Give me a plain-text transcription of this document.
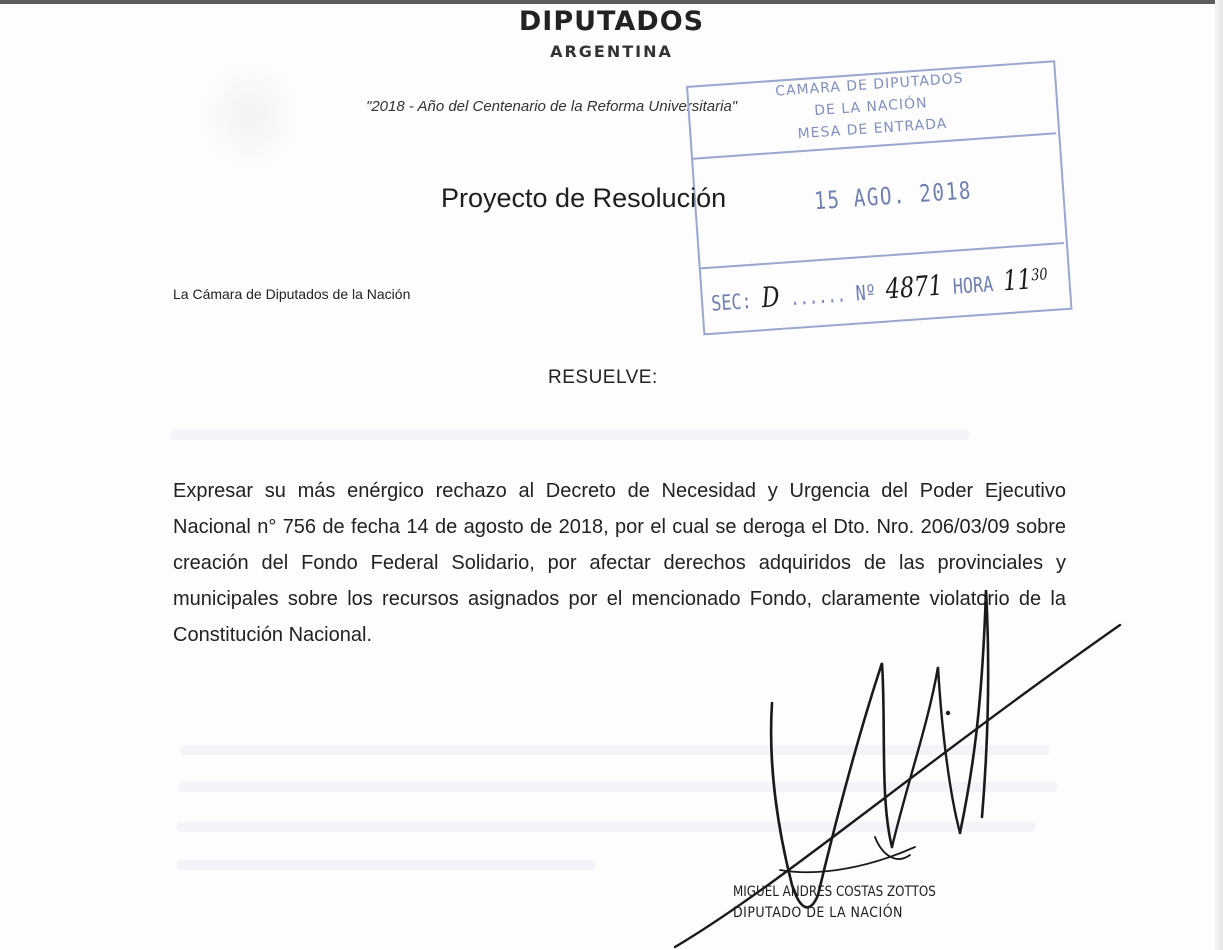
DIPUTADOS
ARGENTINA
"2018 - Año del Centenario de la Reforma Universitaria"
CAMARA DE DIPUTADOS
DE LA NACIÓN
MESA DE ENTRADA
15 AGO. 2018
SEC: D ...... Nº 4871 HORA $11^{30}$
Proyecto de Resolución
La Cámara de Diputados de la Nación
RESUELVE:
Expresar su más enérgico rechazo al Decreto de Necesidad y Urgencia del Poder Ejecutivo Nacional n° 756 de fecha 14 de agosto de 2018, por el cual se deroga el Dto. Nro. 206/03/09 sobre creación del Fondo Federal Solidario, por afectar derechos adquiridos de las provinciales y municipales sobre los recursos asignados por el mencionado Fondo, claramente violatorio de la Constitución Nacional.
MIGUEL ANDRÉS COSTAS ZOTTOS
DIPUTADO DE LA NACIÓN
